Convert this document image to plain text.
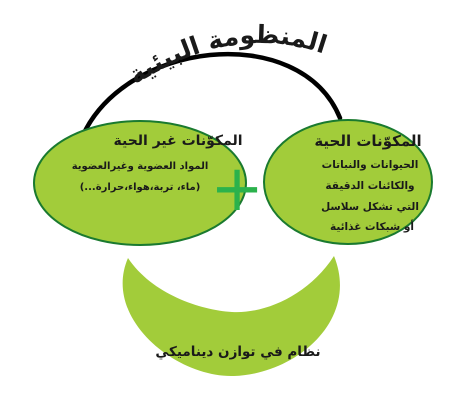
المنظومة البيئية
+
المكوّنات غير الحية
المواد العضوية وغيرالعضوية
(ماء، تربة،هواء،حرارة...)
المكوّنات الحية
الحيوانات والنباتات
والكائنات الدقيقة
التي تشكل سلاسل
أو شبكات غذائية
نظام في توازن ديناميكي
